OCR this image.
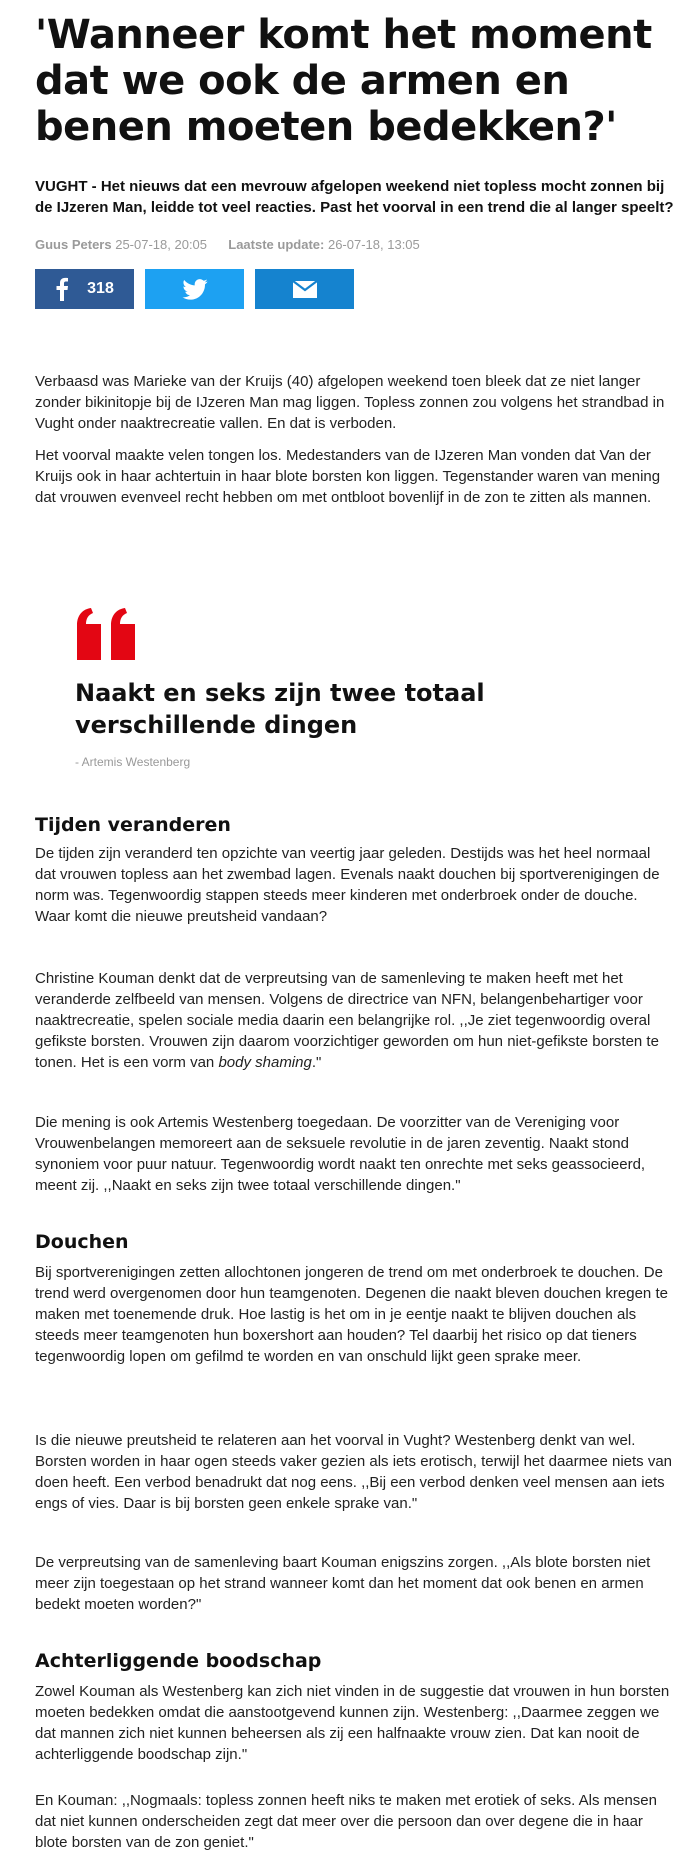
'Wanneer komt het moment dat we ook de armen en benen moeten bedekken?'

VUGHT - Het nieuws dat een mevrouw afgelopen weekend niet topless mocht zonnen bij de IJzeren Man, leidde tot veel reacties. Past het voorval in een trend die al langer speelt?

Guus Peters 25-07-18, 20:05 Laatste update: 26-07-18, 13:05
318

Verbaasd was Marieke van der Kruijs (40) afgelopen weekend toen bleek dat ze niet langer zonder bikinitopje bij de IJzeren Man mag liggen. Topless zonnen zou volgens het strandbad in Vught onder naaktrecreatie vallen. En dat is verboden.

Het voorval maakte velen tongen los. Medestanders van de IJzeren Man vonden dat Van der Kruijs ook in haar achtertuin in haar blote borsten kon liggen. Tegenstander waren van mening dat vrouwen evenveel recht hebben om met ontbloot bovenlijf in de zon te zitten als mannen.

Naakt en seks zijn twee totaal verschillende dingen

- Artemis Westenberg
Tijden veranderen

De tijden zijn veranderd ten opzichte van veertig jaar geleden. Destijds was het heel normaal dat vrouwen topless aan het zwembad lagen. Evenals naakt douchen bij sportverenigingen de norm was. Tegenwoordig stappen steeds meer kinderen met onderbroek onder de douche. Waar komt die nieuwe preutsheid vandaan?

Christine Kouman denkt dat de verpreutsing van de samenleving te maken heeft met het veranderde zelfbeeld van mensen. Volgens de directrice van NFN, belangenbehartiger voor naaktrecreatie, spelen sociale media daarin een belangrijke rol. ,,Je ziet tegenwoordig overal gefikste borsten. Vrouwen zijn daarom voorzichtiger geworden om hun niet-gefikste borsten te tonen. Het is een vorm van body shaming."

Die mening is ook Artemis Westenberg toegedaan. De voorzitter van de Vereniging voor Vrouwenbelangen memoreert aan de seksuele revolutie in de jaren zeventig. Naakt stond synoniem voor puur natuur. Tegenwoordig wordt naakt ten onrechte met seks geassocieerd, meent zij. ,,Naakt en seks zijn twee totaal verschillende dingen."

Douchen

Bij sportverenigingen zetten allochtonen jongeren de trend om met onderbroek te douchen. De trend werd overgenomen door hun teamgenoten. Degenen die naakt bleven douchen kregen te maken met toenemende druk. Hoe lastig is het om in je eentje naakt te blijven douchen als steeds meer teamgenoten hun boxershort aan houden? Tel daarbij het risico op dat tieners tegenwoordig lopen om gefilmd te worden en van onschuld lijkt geen sprake meer.

Is die nieuwe preutsheid te relateren aan het voorval in Vught? Westenberg denkt van wel. Borsten worden in haar ogen steeds vaker gezien als iets erotisch, terwijl het daarmee niets van doen heeft. Een verbod benadrukt dat nog eens. ,,Bij een verbod denken veel mensen aan iets engs of vies. Daar is bij borsten geen enkele sprake van."

De verpreutsing van de samenleving baart Kouman enigszins zorgen. ,,Als blote borsten niet meer zijn toegestaan op het strand wanneer komt dan het moment dat ook benen en armen bedekt moeten worden?"

Achterliggende boodschap

Zowel Kouman als Westenberg kan zich niet vinden in de suggestie dat vrouwen in hun borsten moeten bedekken omdat die aanstootgevend kunnen zijn. Westenberg: ,,Daarmee zeggen we dat mannen zich niet kunnen beheersen als zij een halfnaakte vrouw zien. Dat kan nooit de achterliggende boodschap zijn."

En Kouman: ,,Nogmaals: topless zonnen heeft niks te maken met erotiek of seks. Als mensen dat niet kunnen onderscheiden zegt dat meer over die persoon dan over degene die in haar blote borsten van de zon geniet."
